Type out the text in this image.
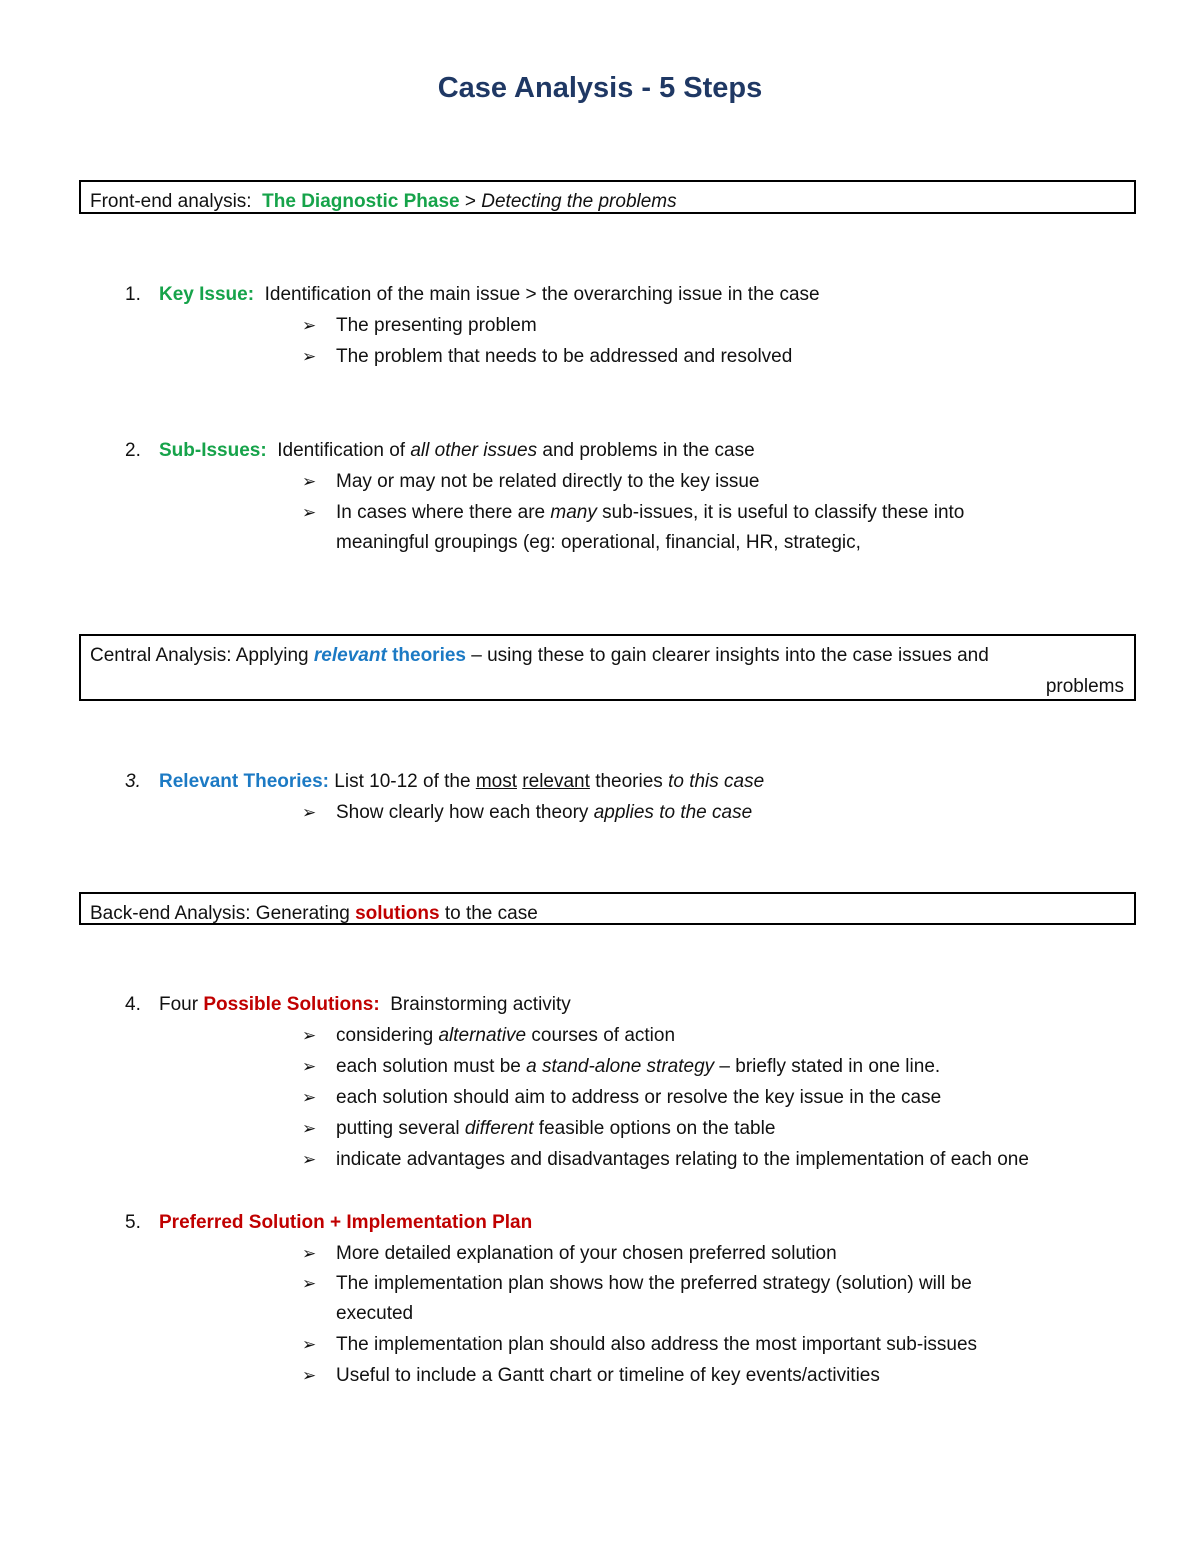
Case Analysis - 5 Steps
Front-end analysis: The Diagnostic Phase > Detecting the problems
1. Key Issue: Identification of the main issue > the overarching issue in the case
➢	The presenting problem
➢	The problem that needs to be addressed and resolved
2. Sub-Issues: Identification of all other issues and problems in the case
➢	May or may not be related directly to the key issue
➢	In cases where there are many sub-issues, it is useful to classify these into
meaningful groupings (eg: operational, financial, HR, strategic,
Central Analysis: Applying relevant theories – using these to gain clearer insights into the case issues and
problems
3. Relevant Theories: List 10-12 of the most relevant theories to this case
➢	Show clearly how each theory applies to the case
Back-end Analysis: Generating solutions to the case
4. Four Possible Solutions: Brainstorming activity
➢	considering alternative courses of action
➢	each solution must be a stand-alone strategy – briefly stated in one line.
➢	each solution should aim to address or resolve the key issue in the case
➢	putting several different feasible options on the table
➢	indicate advantages and disadvantages relating to the implementation of each one
5. Preferred Solution + Implementation Plan
➢	More detailed explanation of your chosen preferred solution
➢	The implementation plan shows how the preferred strategy (solution) will be
executed
➢	The implementation plan should also address the most important sub-issues
➢	Useful to include a Gantt chart or timeline of key events/activities
